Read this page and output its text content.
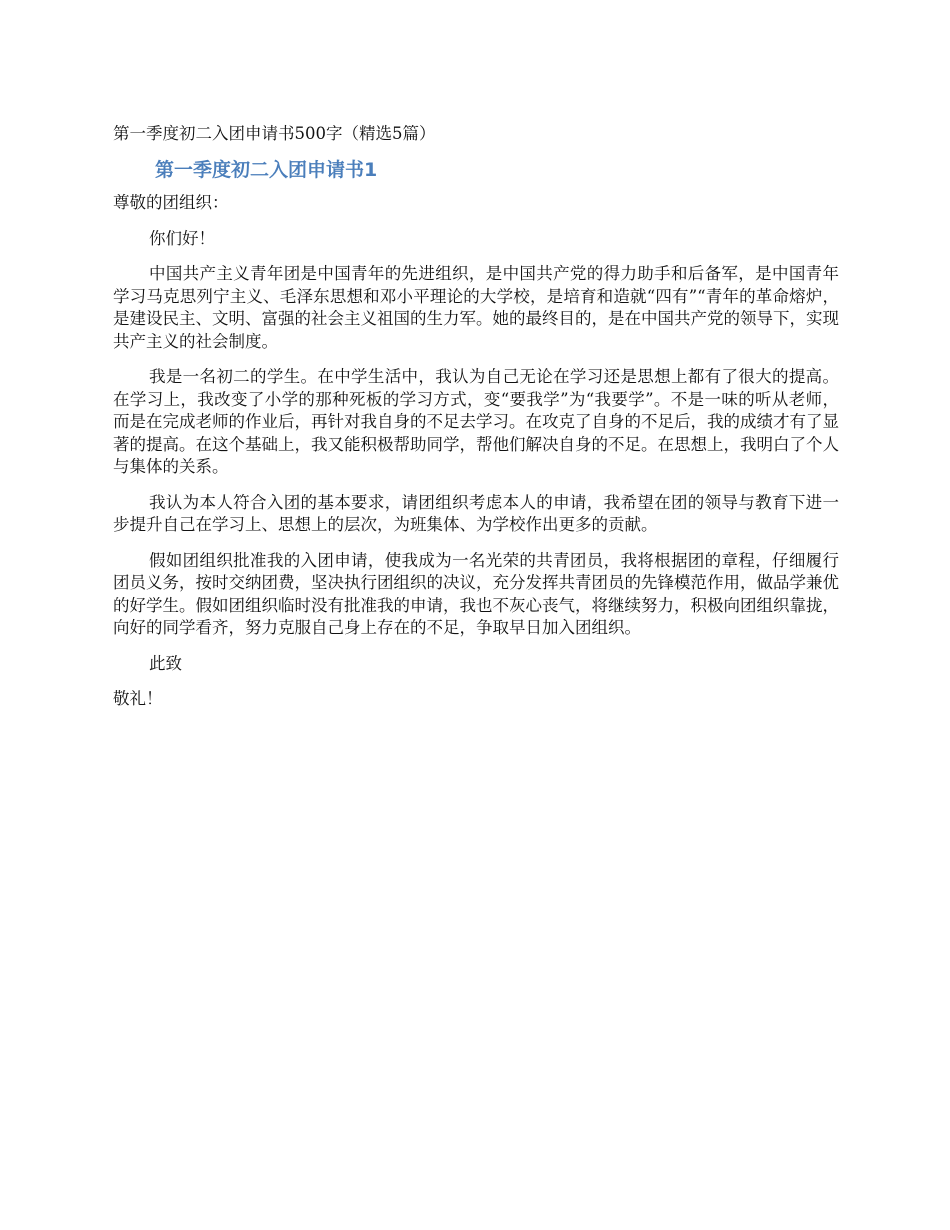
第一季度初二入团申请书500字（精选5篇）
第一季度初二入团申请书1
尊敬的团组织：
你们好！
中国共产主义青年团是中国青年的先进组织，是中国共产党的得力助手和后备军，是中国青年学习马克思列宁主义、毛泽东思想和邓小平理论的大学校，是培育和造就“四有”“青年的革命熔炉，是建设民主、文明、富强的社会主义祖国的生力军。她的最终目的，是在中国共产党的领导下，实现共产主义的社会制度。
我是一名初二的学生。在中学生活中，我认为自己无论在学习还是思想上都有了很大的提高。在学习上，我改变了小学的那种死板的学习方式，变“要我学”为“我要学”。不是一味的听从老师，而是在完成老师的作业后，再针对我自身的不足去学习。在攻克了自身的不足后，我的成绩才有了显著的提高。在这个基础上，我又能积极帮助同学，帮他们解决自身的不足。在思想上，我明白了个人与集体的关系。
我认为本人符合入团的基本要求，请团组织考虑本人的申请，我希望在团的领导与教育下进一步提升自己在学习上、思想上的层次，为班集体、为学校作出更多的贡献。
假如团组织批准我的入团申请，使我成为一名光荣的共青团员，我将根据团的章程，仔细履行团员义务，按时交纳团费，坚决执行团组织的决议，充分发挥共青团员的先锋模范作用，做品学兼优的好学生。假如团组织临时没有批准我的申请，我也不灰心丧气，将继续努力，积极向团组织靠拢，向好的同学看齐，努力克服自己身上存在的不足，争取早日加入团组织。
此致
敬礼！
